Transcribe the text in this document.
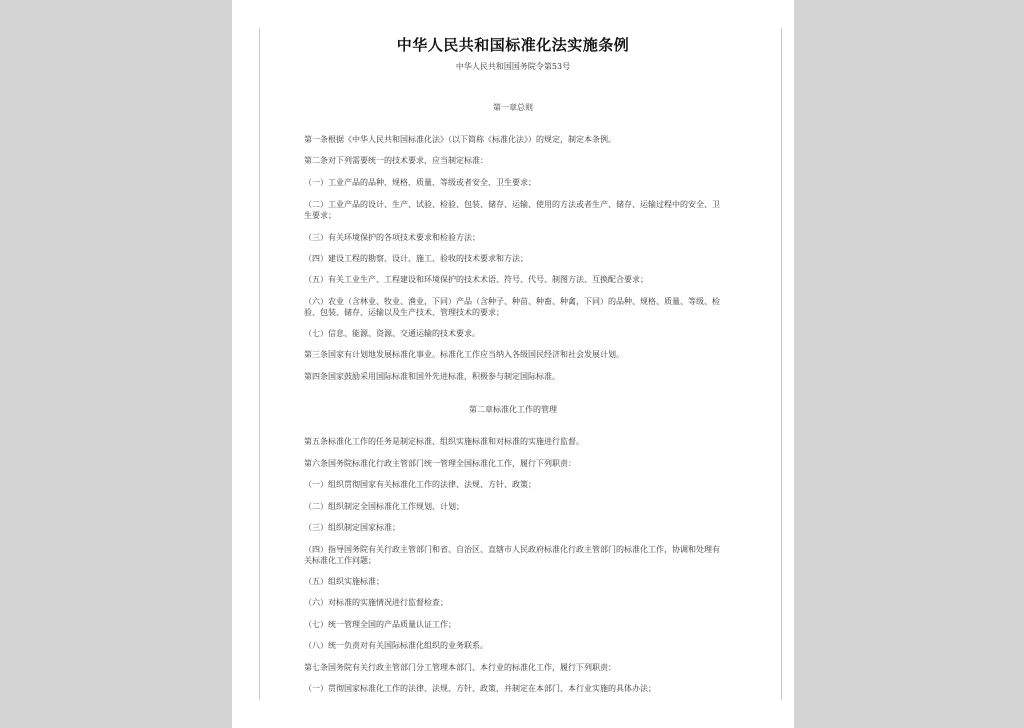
中华人民共和国标准化法实施条例
中华人民共和国国务院令第53号
第一章总则
第一条根据《中华人民共和国标准化法》（以下简称《标准化法》）的规定，制定本条例。
第二条对下列需要统一的技术要求，应当制定标准：
（一）工业产品的品种、规格、质量、等级或者安全、卫生要求；
（二）工业产品的设计、生产、试验、检验、包装、储存、运输、使用的方法或者生产、储存、运输过程中的安全、卫生要求；
（三）有关环境保护的各项技术要求和检验方法；
（四）建设工程的勘察、设计、施工、验收的技术要求和方法；
（五）有关工业生产、工程建设和环境保护的技术术语、符号、代号、制图方法、互换配合要求；
（六）农业（含林业、牧业、渔业，下同）产品（含种子、种苗、种畜、种禽，下同）的品种、规格、质量、等级、检验、包装、储存、运输以及生产技术、管理技术的要求；
（七）信息、能源、资源、交通运输的技术要求。
第三条国家有计划地发展标准化事业。标准化工作应当纳入各级国民经济和社会发展计划。
第四条国家鼓励采用国际标准和国外先进标准，积极参与制定国际标准。
第二章标准化工作的管理
第五条标准化工作的任务是制定标准、组织实施标准和对标准的实施进行监督。
第六条国务院标准化行政主管部门统一管理全国标准化工作，履行下列职责：
（一）组织贯彻国家有关标准化工作的法律、法规、方针、政策；
（二）组织制定全国标准化工作规划、计划；
（三）组织制定国家标准；
（四）指导国务院有关行政主管部门和省、自治区、直辖市人民政府标准化行政主管部门的标准化工作，协调和处理有关标准化工作问题；
（五）组织实施标准；
（六）对标准的实施情况进行监督检查；
（七）统一管理全国的产品质量认证工作；
（八）统一负责对有关国际标准化组织的业务联系。
第七条国务院有关行政主管部门分工管理本部门、本行业的标准化工作，履行下列职责：
（一）贯彻国家标准化工作的法律、法规、方针、政策，并制定在本部门、本行业实施的具体办法；
